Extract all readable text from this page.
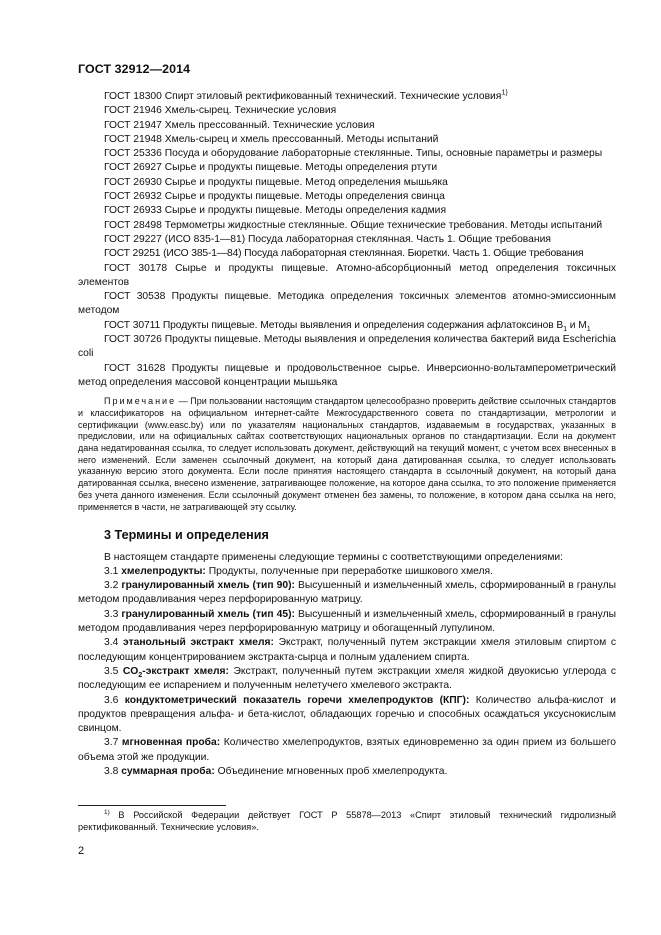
ГОСТ 32912—2014

ГОСТ 18300 Спирт этиловый ректификованный технический. Технические условия$^{1)}$

ГОСТ 21946 Хмель-сырец. Технические условия

ГОСТ 21947 Хмель прессованный. Технические условия

ГОСТ 21948 Хмель-сырец и хмель прессованный. Методы испытаний

ГОСТ 25336 Посуда и оборудование лабораторные стеклянные. Типы, основные параметры и размеры

ГОСТ 26927 Сырье и продукты пищевые. Методы определения ртути

ГОСТ 26930 Сырье и продукты пищевые. Метод определения мышьяка

ГОСТ 26932 Сырье и продукты пищевые. Методы определения свинца

ГОСТ 26933 Сырье и продукты пищевые. Методы определения кадмия

ГОСТ 28498 Термометры жидкостные стеклянные. Общие технические требования. Методы испытаний

ГОСТ 29227 (ИСО 835-1—81) Посуда лабораторная стеклянная. Часть 1. Общие требования

ГОСТ 29251 (ИСО 385-1—84) Посуда лабораторная стеклянная. Бюретки. Часть 1. Общие требования

ГОСТ 30178 Сырье и продукты пищевые. Атомно-абсорбционный метод определения токсичных элементов

ГОСТ 30538 Продукты пищевые. Методика определения токсичных элементов атомно-эмиссионным методом

ГОСТ 30711 Продукты пищевые. Методы выявления и определения содержания афлатоксинов $B_1$ и $M_1$

ГОСТ 30726 Продукты пищевые. Методы выявления и определения количества бактерий вида Escherichia coli

ГОСТ 31628 Продукты пищевые и продовольственное сырье. Инверсионно-вольтамперометрический метод определения массовой концентрации мышьяка

Примечание — При пользовании настоящим стандартом целесообразно проверить действие ссылочных стандартов и классификаторов на официальном интернет-сайте Межгосударственного совета по стандартизации, метрологии и сертификации (www.easc.by) или по указателям национальных стандартов, издаваемым в государствах, указанных в предисловии, или на официальных сайтах соответствующих национальных органов по стандартизации. Если на документ дана недатированная ссылка, то следует использовать документ, действующий на текущий момент, с учетом всех внесенных в него изменений. Если заменен ссылочный документ, на который дана датированная ссылка, то следует использовать указанную версию этого документа. Если после принятия настоящего стандарта в ссылочный документ, на который дана датированная ссылка, внесено изменение, затрагивающее положение, на которое дана ссылка, то это положение применяется без учета данного изменения. Если ссылочный документ отменен без замены, то положение, в котором дана ссылка на него, применяется в части, не затрагивающей эту ссылку.

3 Термины и определения

В настоящем стандарте применены следующие термины с соответствующими определениями:

3.1 хмелепродукты: Продукты, полученные при переработке шишкового хмеля.

3.2 гранулированный хмель (тип 90): Высушенный и измельченный хмель, сформированный в гранулы методом продавливания через перфорированную матрицу.

3.3 гранулированный хмель (тип 45): Высушенный и измельченный хмель, сформированный в гранулы методом продавливания через перфорированную матрицу и обогащенный лупулином.

3.4 этанольный экстракт хмеля: Экстракт, полученный путем экстракции хмеля этиловым спиртом с последующим концентрированием экстракта-сырца и полным удалением спирта.

3.5 $CO_2$-экстракт хмеля: Экстракт, полученный путем экстракции хмеля жидкой двуокисью углерода с последующим ее испарением и полученным нелетучего хмелевого экстракта.

3.6 кондуктометрический показатель горечи хмелепродуктов (КПГ): Количество альфа-кислот и продуктов превращения альфа- и бета-кислот, обладающих горечью и способных осаждаться уксуснокислым свинцом.

3.7 мгновенная проба: Количество хмелепродуктов, взятых единовременно за один прием из большего объема этой же продукции.

3.8 суммарная проба: Объединение мгновенных проб хмелепродукта.

$^{1)}$ В Российской Федерации действует ГОСТ Р 55878—2013 «Спирт этиловый технический гидролизный ректификованный. Технические условия».
2
